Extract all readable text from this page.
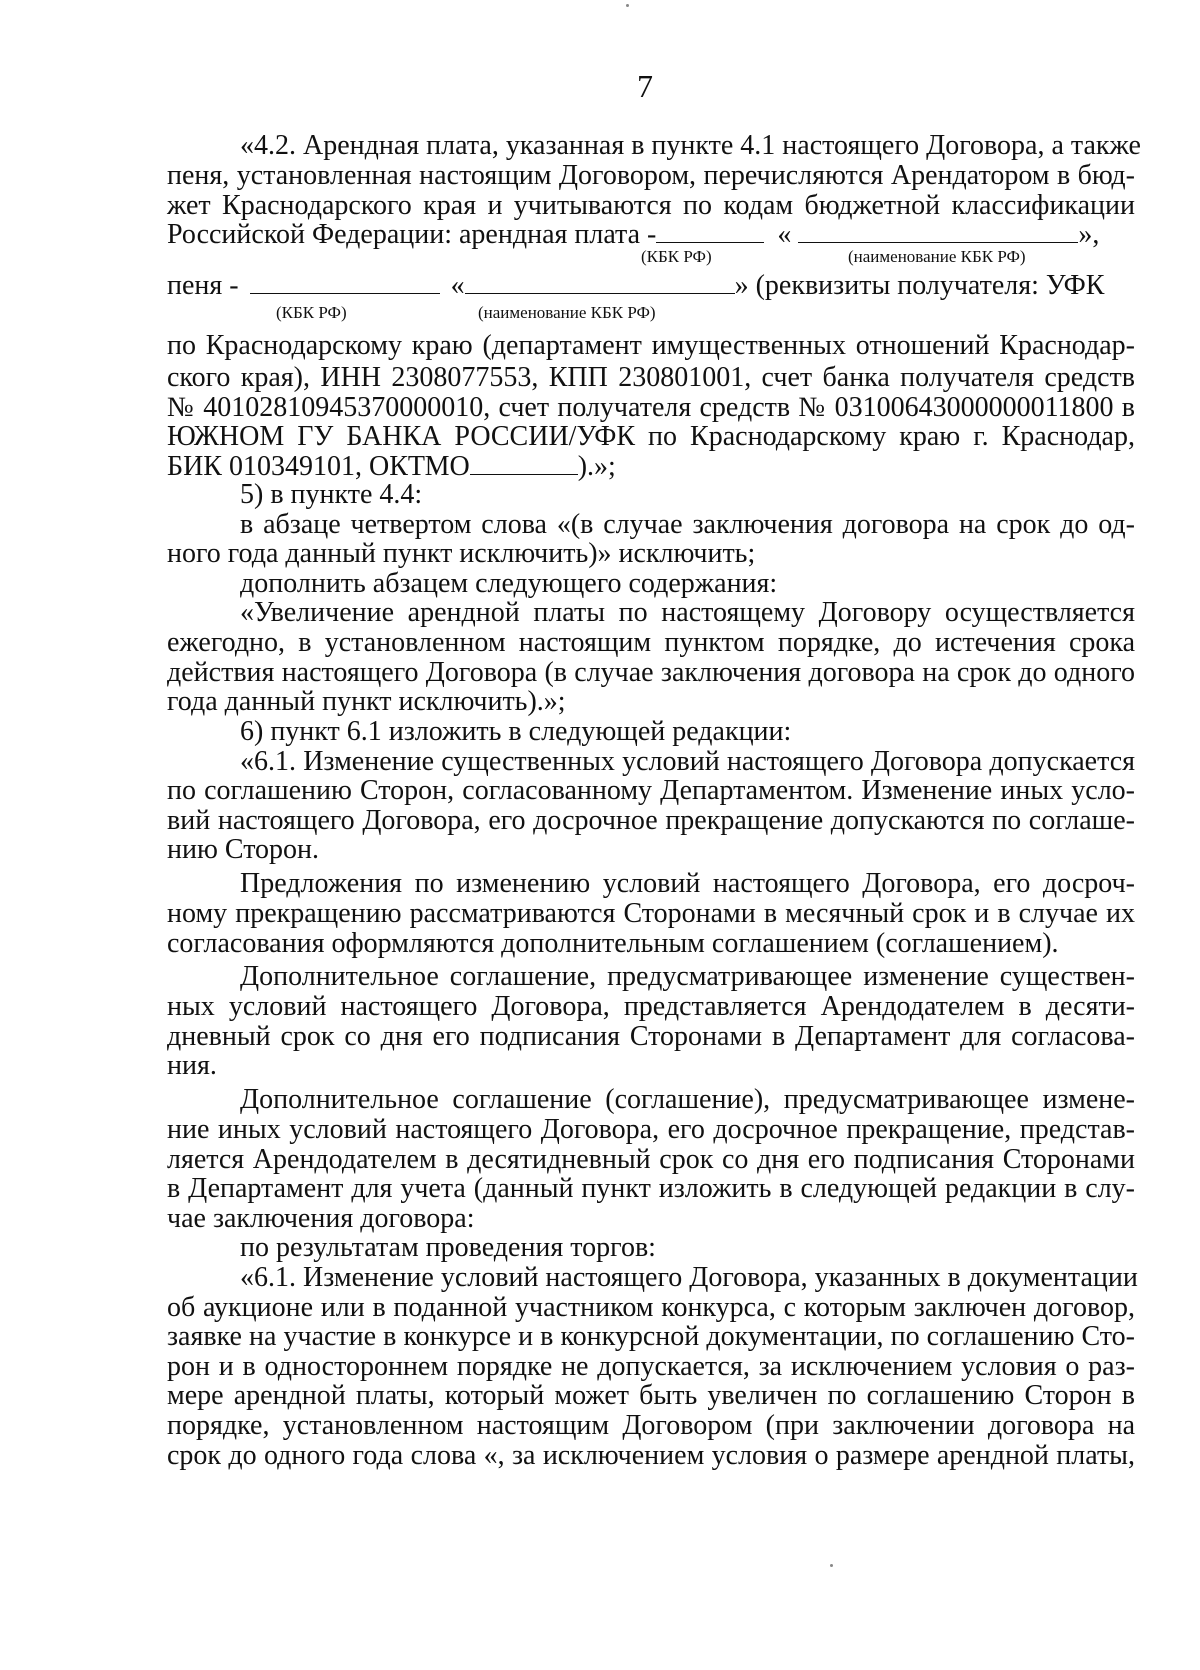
7
«4.2. Арендная плата, указанная в пункте 4.1 настоящего Договора, а также
пеня, установленная настоящим Договором, перечисляются Арендатором в бюд-
жет Краснодарского края и учитываются по кодам бюджетной классификации
Российской Федерации: арендная плата -	«	»,
(КБК РФ)	(наименование КБК РФ)
пеня -	«	» (реквизиты получателя: УФК
(КБК РФ)	(наименование КБК РФ)
по Краснодарскому краю (департамент имущественных отношений Краснодар-
ского края), ИНН 2308077553, КПП 230801001, счет банка получателя средств
№ 40102810945370000010, счет получателя средств № 03100643000000011800 в
ЮЖНОМ ГУ БАНКА РОССИИ/УФК по Краснодарскому краю г. Краснодар,
БИК 010349101, ОКТМО	).»;
5) в пункте 4.4:
в абзаце четвертом слова «(в случае заключения договора на срок до од-
ного года данный пункт исключить)» исключить;
дополнить абзацем следующего содержания:
«Увеличение арендной платы по настоящему Договору осуществляется
ежегодно, в установленном настоящим пунктом порядке, до истечения срока
действия настоящего Договора (в случае заключения договора на срок до одного
года данный пункт исключить).»;
6) пункт 6.1 изложить в следующей редакции:
«6.1. Изменение существенных условий настоящего Договора допускается
по соглашению Сторон, согласованному Департаментом. Изменение иных усло-
вий настоящего Договора, его досрочное прекращение допускаются по соглаше-
нию Сторон.
Предложения по изменению условий настоящего Договора, его досроч-
ному прекращению рассматриваются Сторонами в месячный срок и в случае их
согласования оформляются дополнительным соглашением (соглашением).
Дополнительное соглашение, предусматривающее изменение существен-
ных условий настоящего Договора, представляется Арендодателем в десяти-
дневный срок со дня его подписания Сторонами в Департамент для согласова-
ния.
Дополнительное соглашение (соглашение), предусматривающее измене-
ние иных условий настоящего Договора, его досрочное прекращение, представ-
ляется Арендодателем в десятидневный срок со дня его подписания Сторонами
в Департамент для учета (данный пункт изложить в следующей редакции в слу-
чае заключения договора:
по результатам проведения торгов:
«6.1. Изменение условий настоящего Договора, указанных в документации
об аукционе или в поданной участником конкурса, с которым заключен договор,
заявке на участие в конкурсе и в конкурсной документации, по соглашению Сто-
рон и в одностороннем порядке не допускается, за исключением условия о раз-
мере арендной платы, который может быть увеличен по соглашению Сторон в
порядке, установленном настоящим Договором (при заключении договора на
срок до одного года слова «, за исключением условия о размере арендной платы,
